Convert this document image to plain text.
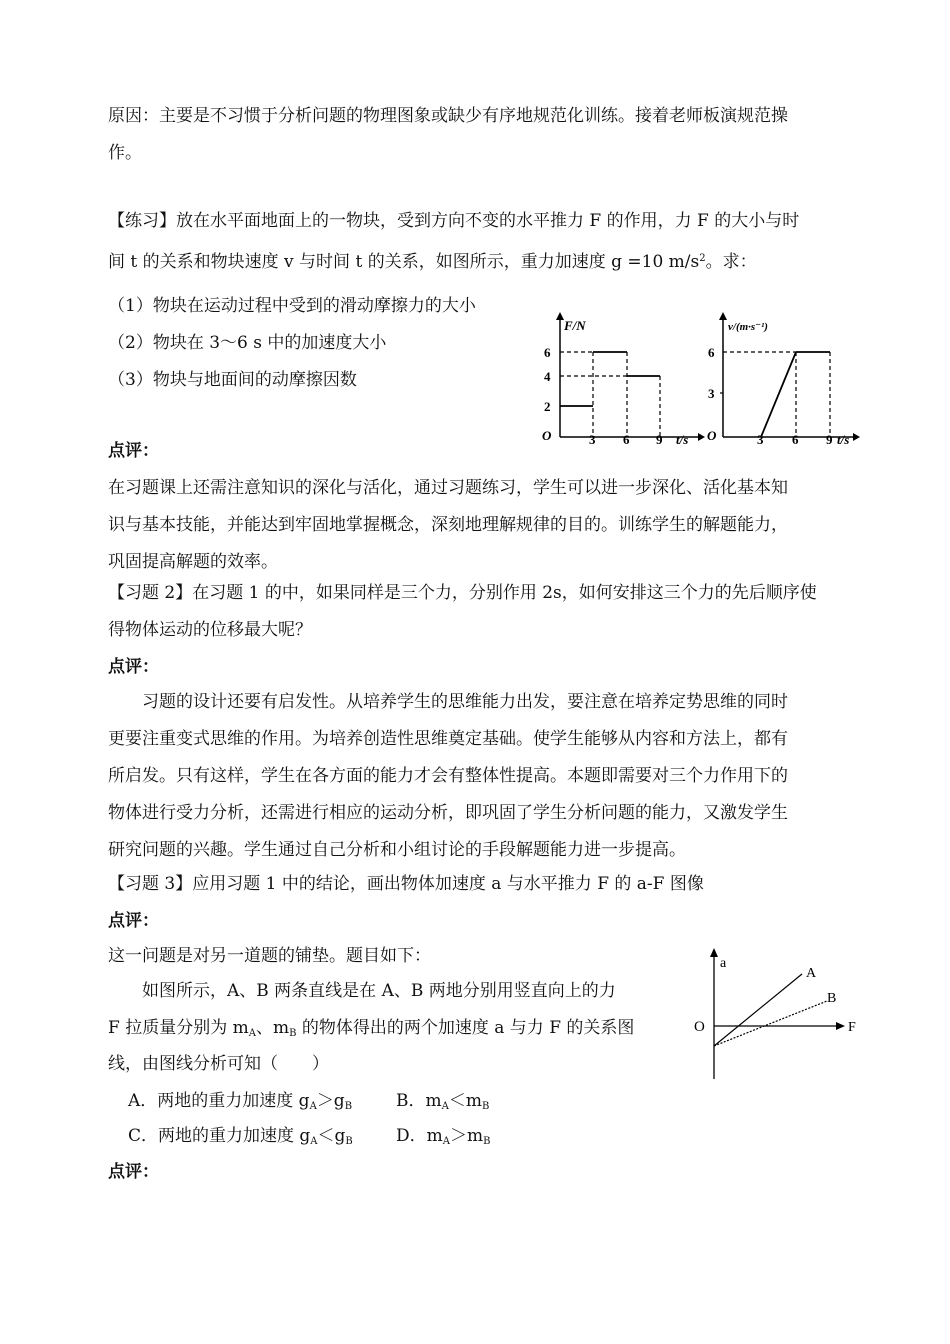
原因：主要是不习惯于分析问题的物理图象或缺少有序地规范化训练。接着老师板演规范操
作。

【练习】放在水平面地面上的一物块，受到方向不变的水平推力 F 的作用，力 F 的大小与时
间 t 的关系和物块速度 v 与时间 t 的关系，如图所示，重力加速度 g =10 $m/s^2$。求：

（1）物块在运动过程中受到的滑动摩擦力的大小

（2）物块在 3～6 s 中的加速度大小

（3）物块与地面间的动摩擦因数

F/N
6
4
2
O	3 6 9 t/s
v/(m·s⁻¹)
6
3
O	3 6 9 t/s

点评：

在习题课上还需注意知识的深化与活化，通过习题练习，学生可以进一步深化、活化基本知
识与基本技能，并能达到牢固地掌握概念，深刻地理解规律的目的。训练学生的解题能力，
巩固提高解题的效率。

【习题 2】在习题 1 的中，如果同样是三个力，分别作用 2s，如何安排这三个力的先后顺序使
得物体运动的位移最大呢？

点评：

习题的设计还要有启发性。从培养学生的思维能力出发，要注意在培养定势思维的同时
更要注重变式思维的作用。为培养创造性思维奠定基础。使学生能够从内容和方法上，都有
所启发。只有这样，学生在各方面的能力才会有整体性提高。本题即需要对三个力作用下的
物体进行受力分析，还需进行相应的运动分析，即巩固了学生分析问题的能力，又激发学生
研究问题的兴趣。学生通过自己分析和小组讨论的手段解题能力进一步提高。

【习题 3】应用习题 1 中的结论，画出物体加速度 a 与水平推力 F 的 a-F 图像

点评：

这一问题是对另一道题的铺垫。题目如下：

如图所示，A、B 两条直线是在 A、B 两地分别用竖直向上的力

F 拉质量分别为 $m_A$、$m_B$ 的物体得出的两个加速度 a 与力 F 的关系图

线，由图线分析可知（　　）

a
O	F
A
B

A．两地的重力加速度 $g_A>g_B$	B．$m_A<m_B$

C．两地的重力加速度 $g_A<g_B$	D．$m_A>m_B$

点评：
